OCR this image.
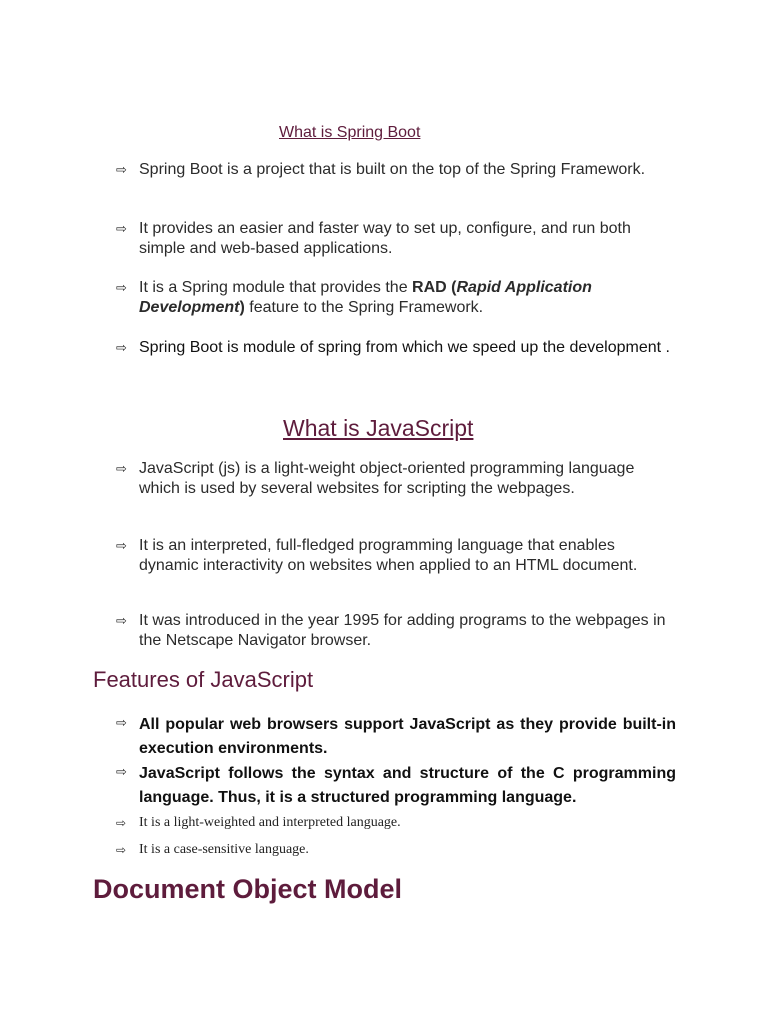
What is Spring Boot
⇨ Spring Boot is a project that is built on the top of the Spring Framework.
⇨ It provides an easier and faster way to set up, configure, and run both simple and web-based applications.
⇨ It is a Spring module that provides the RAD (Rapid Application Development) feature to the Spring Framework.
⇨ Spring Boot is module of spring from which we speed up the development .
What is JavaScript
⇨ JavaScript (js) is a light-weight object-oriented programming language which is used by several websites for scripting the webpages.
⇨ It is an interpreted, full-fledged programming language that enables dynamic interactivity on websites when applied to an HTML document.
⇨ It was introduced in the year 1995 for adding programs to the webpages in the Netscape Navigator browser.
Features of JavaScript
⇨ All popular web browsers support JavaScript as they provide built-in execution environments.
⇨ JavaScript follows the syntax and structure of the C programming language. Thus, it is a structured programming language.
⇨ It is a light-weighted and interpreted language.
⇨ It is a case-sensitive language.
Document Object Model
